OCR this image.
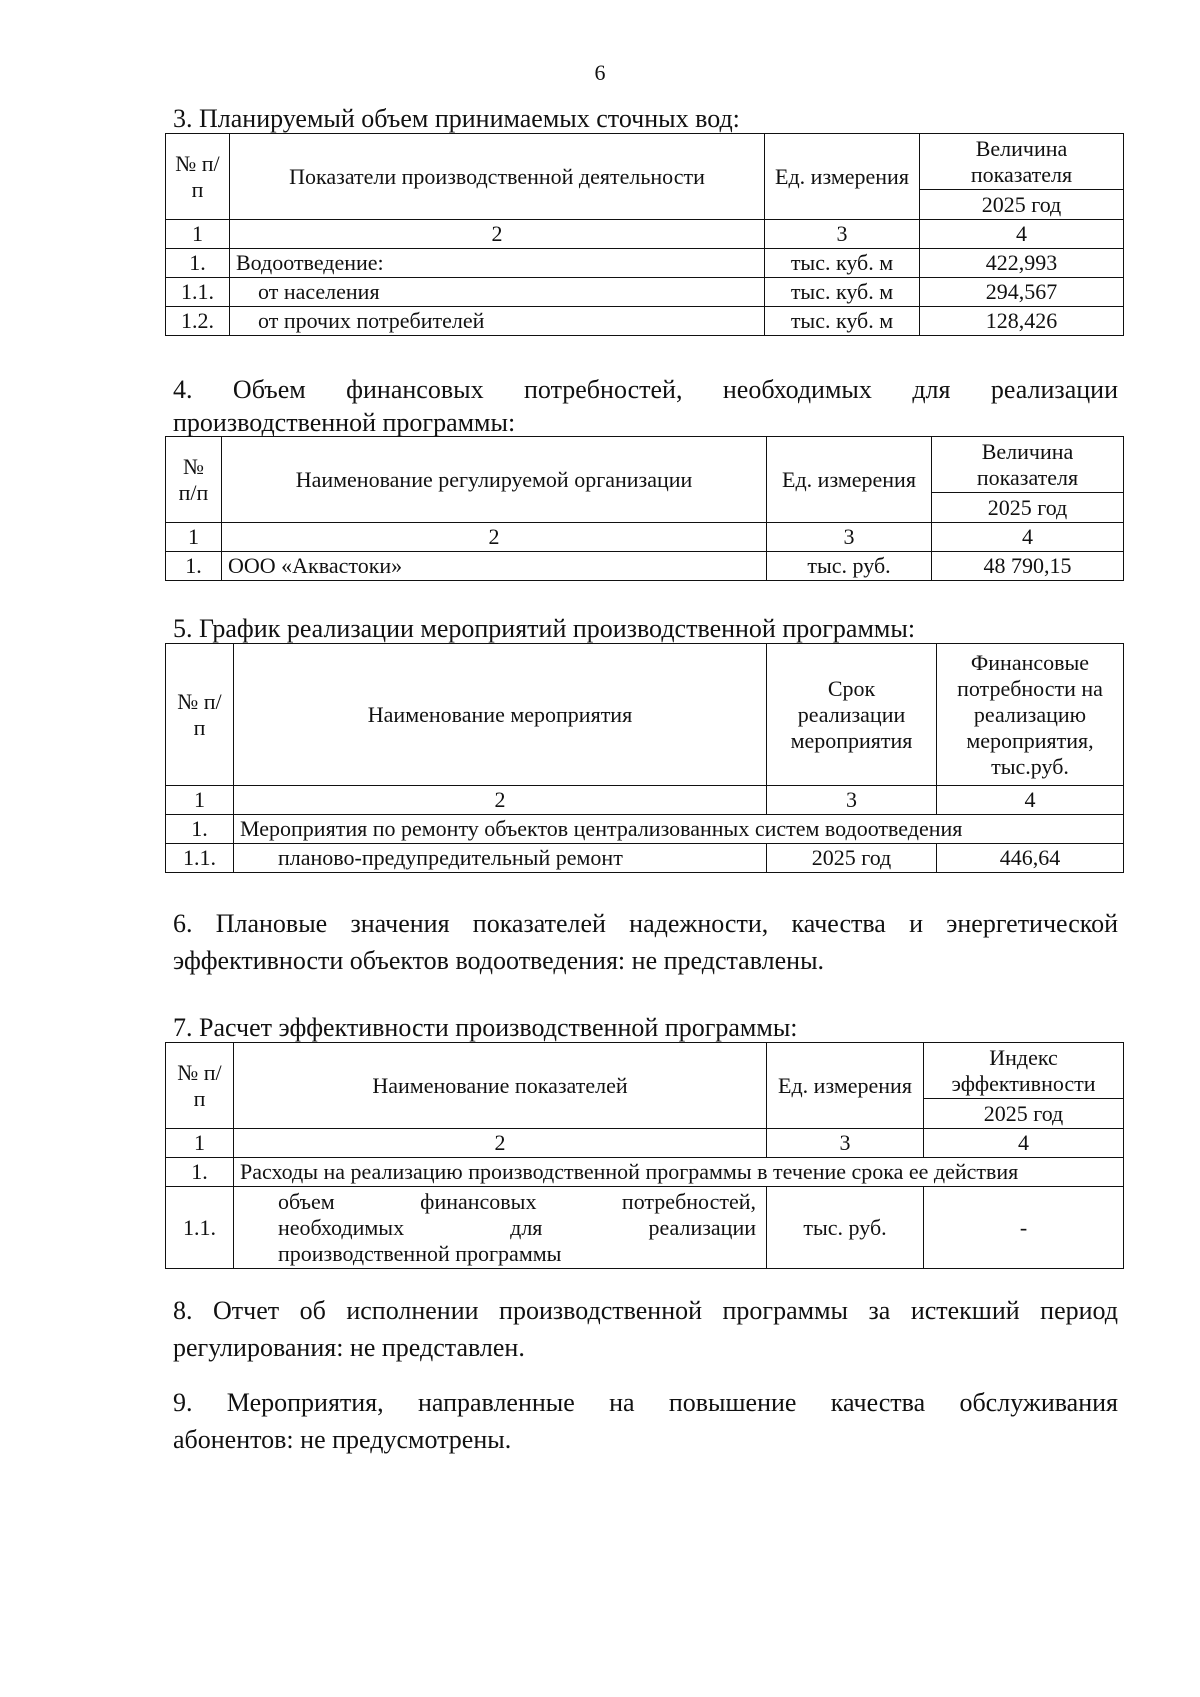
6
3. Планируемый объем принимаемых сточных вод:
№ п/п	Показатели производственной деятельности	Ед. измерения	Величина показателя
			2025 год
1	2	3	4
1.	Водоотведение:	тыс. куб. м	422,993
1.1.	от населения	тыс. куб. м	294,567
1.2.	от прочих потребителей	тыс. куб. м	128,426
4. Объем финансовых потребностей, необходимых для реализации
производственной программы:
№ п/п	Наименование регулируемой организации	Ед. измерения	Величина показателя
			2025 год
1	2	3	4
1.	ООО «Аквастоки»	тыс. руб.	48 790,15
5. График реализации мероприятий производственной программы:
№ п/п	Наименование мероприятия	Срок реализации мероприятия	Финансовые потребности на реализацию мероприятия, тыс.руб.
1	2	3	4
1.	Мероприятия по ремонту объектов централизованных систем водоотведения		
1.1.	планово-предупредительный ремонт	2025 год	446,64
6. Плановые значения показателей надежности, качества и энергетической
эффективности объектов водоотведения: не представлены.
7. Расчет эффективности производственной программы:
№ п/п	Наименование показателей	Ед. измерения	Индекс эффективности
			2025 год
1	2	3	4
1.	Расходы на реализацию производственной программы в течение срока ее действия		
1.1.	объем финансовых потребностей,
необходимых для реализации
производственной программы	тыс. руб.	-
8. Отчет об исполнении производственной программы за истекший период
регулирования: не представлен.
9. Мероприятия, направленные на повышение качества обслуживания
абонентов: не предусмотрены.
